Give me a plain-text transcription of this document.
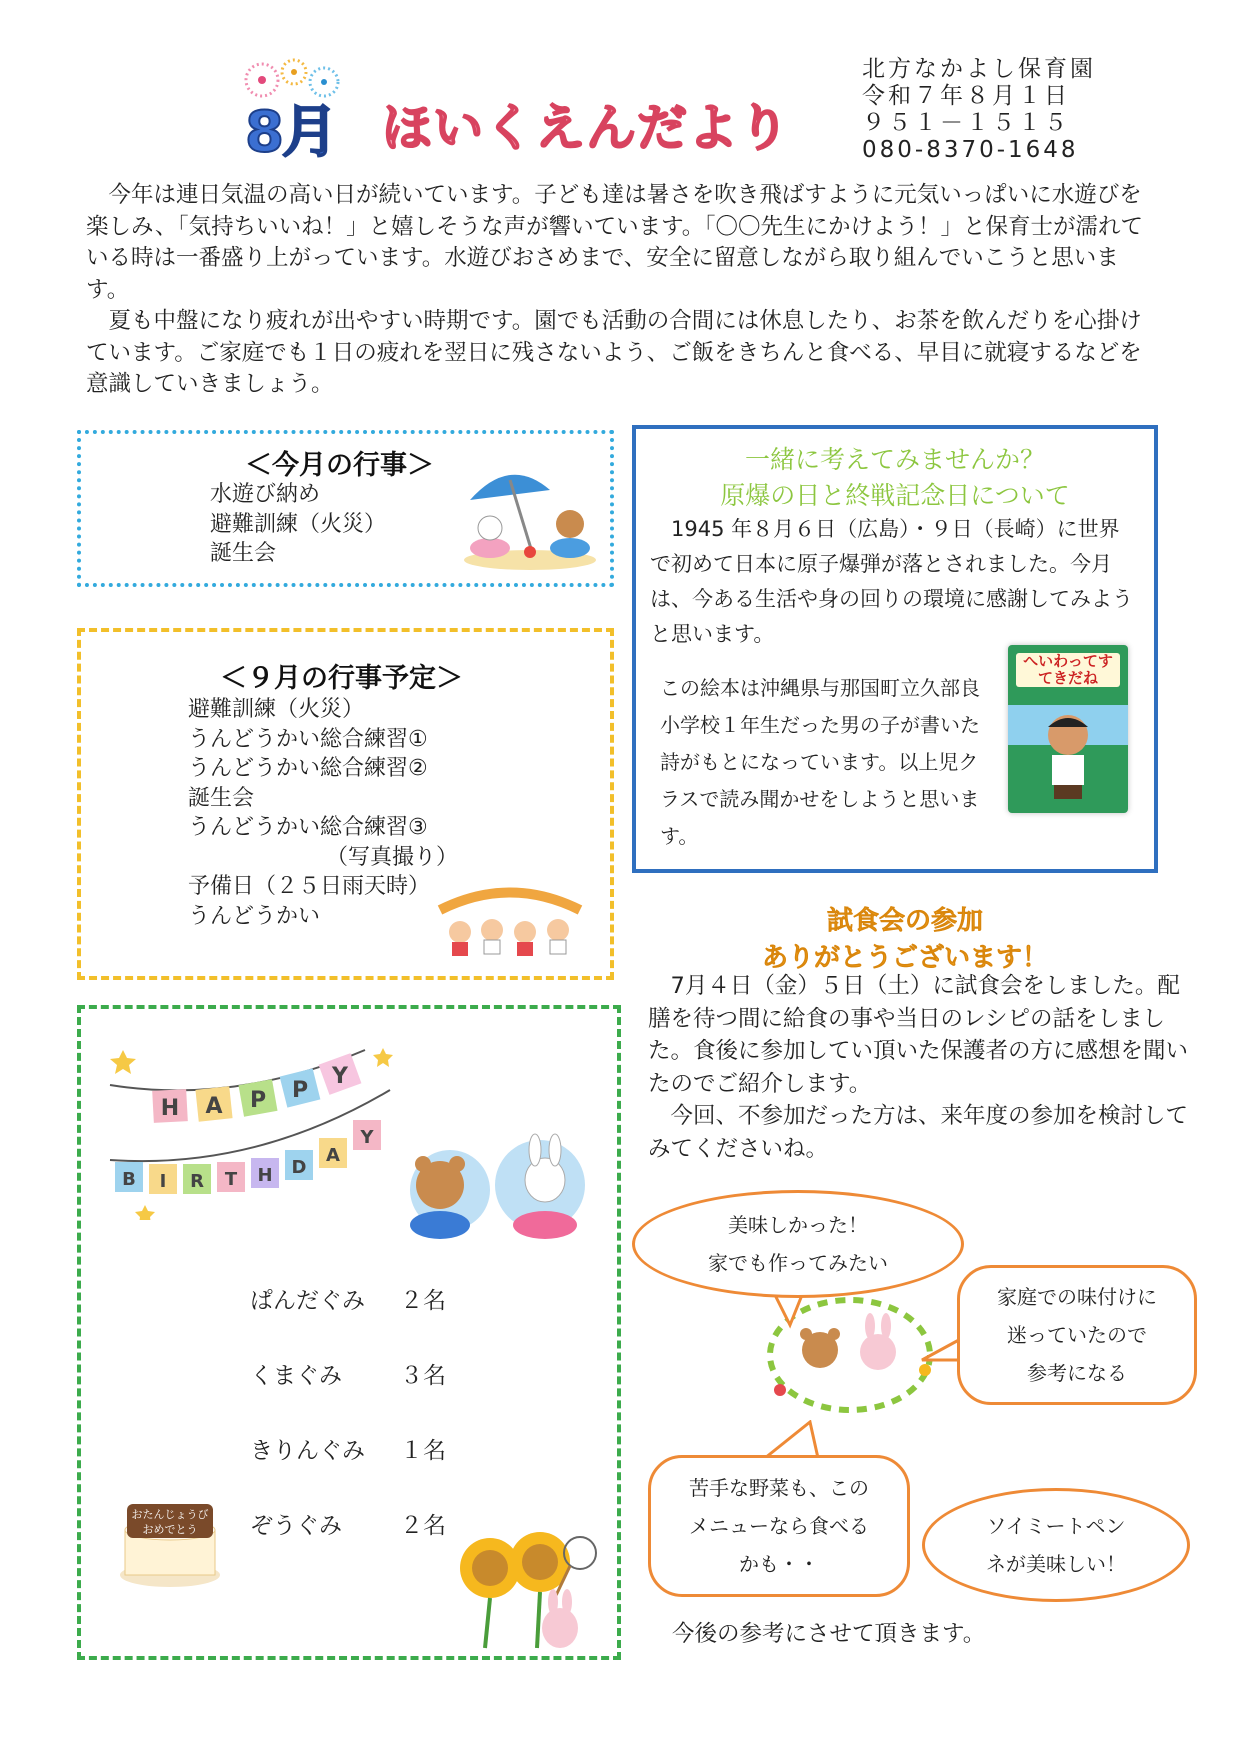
8月 ほいくえんだより
北方なかよし保育園
令和７年８月１日
９５１－１５１５
080-8370-1648

今年は連日気温の高い日が続いています。子ども達は暑さを吹き飛ばすように元気いっぱいに水遊びを楽しみ、「気持ちいいね！」と嬉しそうな声が響いています。「〇〇先生にかけよう！」と保育士が濡れている時は一番盛り上がっています。水遊びおさめまで、安全に留意しながら取り組んでいこうと思います。

夏も中盤になり疲れが出やすい時期です。園でも活動の合間には休息したり、お茶を飲んだりを心掛けています。ご家庭でも１日の疲れを翌日に残さないよう、ご飯をきちんと食べる、早目に就寝するなどを意識していきましょう。

＜今月の行事＞
水遊び納め
避難訓練（火災）
誕生会
＜９月の行事予定＞
避難訓練（火災）
うんどうかい総合練習①
うんどうかい総合練習②
誕生会
うんどうかい総合練習③
（写真撮り）
予備日（２５日雨天時）
うんどうかい
H A P P
Y
B I R T H D
A
Y
ぱんだぐみ ２名
くまぐみ	３名
きりんぐみ １名
ぞうぐみ	２名
おたんじょうび
おめでとう
一緒に考えてみませんか？
原爆の日と終戦記念日について

1945 年８月６日（広島）・９日（長崎）に世界で初めて日本に原子爆弾が落とされました。今月は、今ある生活や身の回りの環境に感謝してみようと思います。

この絵本は沖縄県与那国町立久部良小学校１年生だった男の子が書いた詩がもとになっています。以上児クラスで読み聞かせをしようと思います。
へいわってすてきだね
試食会の参加
ありがとうございます！

7月４日（金）５日（土）に試食会をしました。配膳を待つ間に給食の事や当日のレシピの話をしました。食後に参加してい頂いた保護者の方に感想を聞いたのでご紹介します。

今回、不参加だった方は、来年度の参加を検討してみてくださいね。

美味しかった！
家でも作ってみたい
家庭での味付けに
迷っていたので
参考になる
苦手な野菜も、この
メニューなら食べる
かも・・
ソイミートペン
ネが美味しい！
今後の参考にさせて頂きます。
